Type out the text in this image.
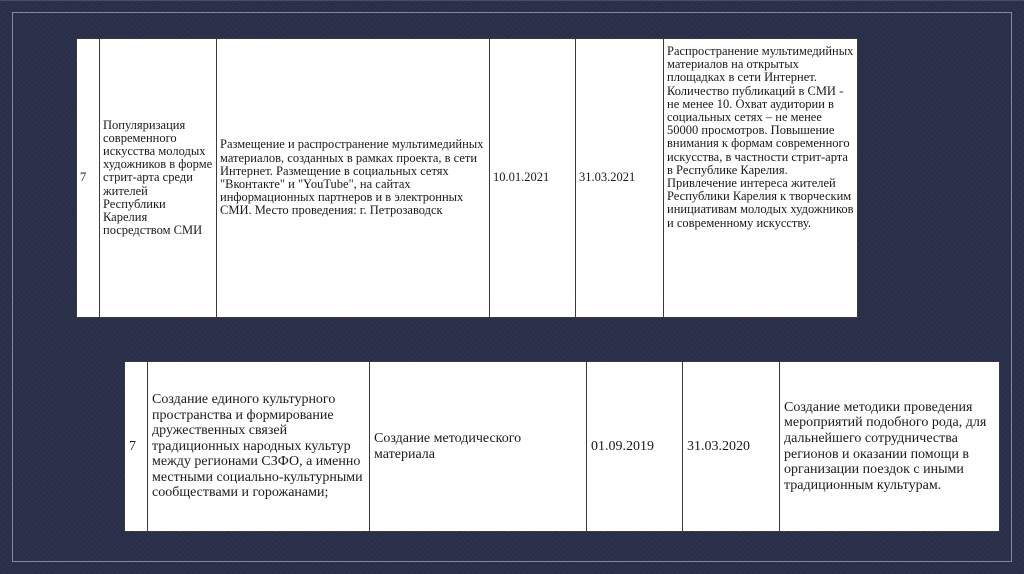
7	Популяризация современного искусства молодых художников в форме стрит-арта среди жителей Республики Карелия посредством СМИ	Размещение и распространение мультимедийных материалов, созданных в рамках проекта, в сети Интернет. Размещение в социальных сетях "Вконтакте" и "YouTube", на сайтах информационных партнеров и в электронных СМИ. Место проведения: г. Петрозаводск	10.01.2021	31.03.2021	Распространение мультимедийных материалов на открытых площадках в сети Интернет. Количество публикаций в СМИ - не менее 10. Охват аудитории в социальных сетях – не менее 50000 просмотров. Повышение внимания к формам современного искусства, в частности стрит-арта в Республике Карелия. Привлечение интереса жителей Республики Карелия к творческим инициативам молодых художников и современному искусству.
7	Создание единого культурного пространства и формирование дружественных связей традиционных народных культур между регионами СЗФО, а именно местными социально-культурными сообществами и горожанами;	Создание методического материала	01.09.2019	31.03.2020	Создание методики проведения мероприятий подобного рода, для дальнейшего сотрудничества регионов и оказании помощи в организации поездок с иными традиционным культурам.
